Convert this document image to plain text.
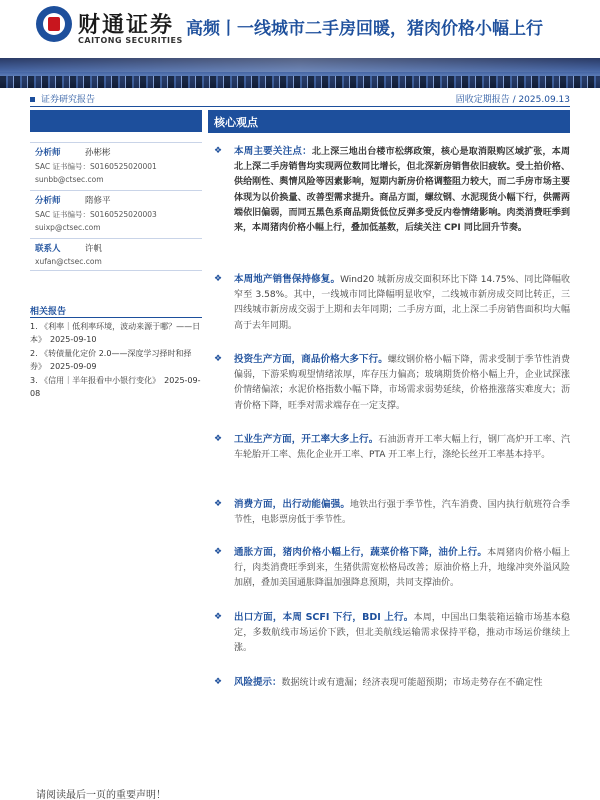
财通证券
CAITONG SECURITIES
高频丨一线城市二手房回暖，猪肉价格小幅上行
证券研究报告	固收定期报告 / 2025.09.13
分析师	孙彬彬
SAC 证书编号：S0160525020001
sunbb@ctsec.com
分析师	隋修平
SAC 证书编号：S0160525020003
suixp@ctsec.com
联系人	许帆
xufan@ctsec.com
相关报告
1. 《利率｜低利率环境，波动来源于哪？——日本》　2025-09-10
2. 《转债量化定价 2.0——深度学习择时和择券》　2025-09-09
3. 《信用｜半年报看中小银行变化》　2025-09-08
核心观点
❖ 本周主要关注点：北上深三地出台楼市松绑政策，核心是取消限购区域扩张，本周北上深二手房销售均实现两位数同比增长，但北深新房销售依旧疲软。受土拍价格、供给刚性、舆情风险等因素影响，短期内新房价格调整阻力较大，而二手房市场主要体现为以价换量、改善型需求提升。商品方面，螺纹钢、水泥现货小幅下行，供需两端依旧偏弱，而同五黑色系商品期货低位反弹多受反内卷情绪影响。肉类消费旺季到来，本周猪肉价格小幅上行，叠加低基数，后续关注 CPI 同比回升节奏。
❖ 本周地产销售保持修复。Wind20 城新房成交面积环比下降 14.75%、同比降幅收窄至 3.58%。其中，一线城市同比降幅明显收窄，二线城市新房成交同比转正，三四线城市新房成交弱于上期和去年同期；二手房方面，北上深二手房销售面积均大幅高于去年同期。
❖ 投资生产方面，商品价格大多下行。螺纹钢价格小幅下降，需求受制于季节性消费偏弱，下游采购观望情绪浓厚，库存压力偏高；玻璃期货价格小幅上升，企业试探涨价情绪偏浓；水泥价格指数小幅下降，市场需求弱势延续，价格推涨落实难度大；沥青价格下降，旺季对需求端存在一定支撑。
❖ 工业生产方面，开工率大多上行。石油沥青开工率大幅上行，钢厂高炉开工率、汽车轮胎开工率、焦化企业开工率、PTA 开工率上行，涤纶长丝开工率基本持平。
❖ 消费方面，出行动能偏强。地铁出行强于季节性，汽车消费、国内执行航班符合季节性，电影票房低于季节性。
❖ 通胀方面，猪肉价格小幅上行，蔬菜价格下降，油价上行。本周猪肉价格小幅上行，肉类消费旺季到来，生猪供需宽松格局改善；原油价格上升，地缘冲突外溢风险加剧，叠加美国通胀降温加强降息预期，共同支撑油价。
❖ 出口方面，本周 SCFI 下行，BDI 上行。本周，中国出口集装箱运输市场基本稳定，多数航线市场运价下跌，但北美航线运输需求保持平稳，推动市场运价继续上涨。
❖ 风险提示：数据统计或有遗漏；经济表现可能超预期；市场走势存在不确定性
请阅读最后一页的重要声明！
